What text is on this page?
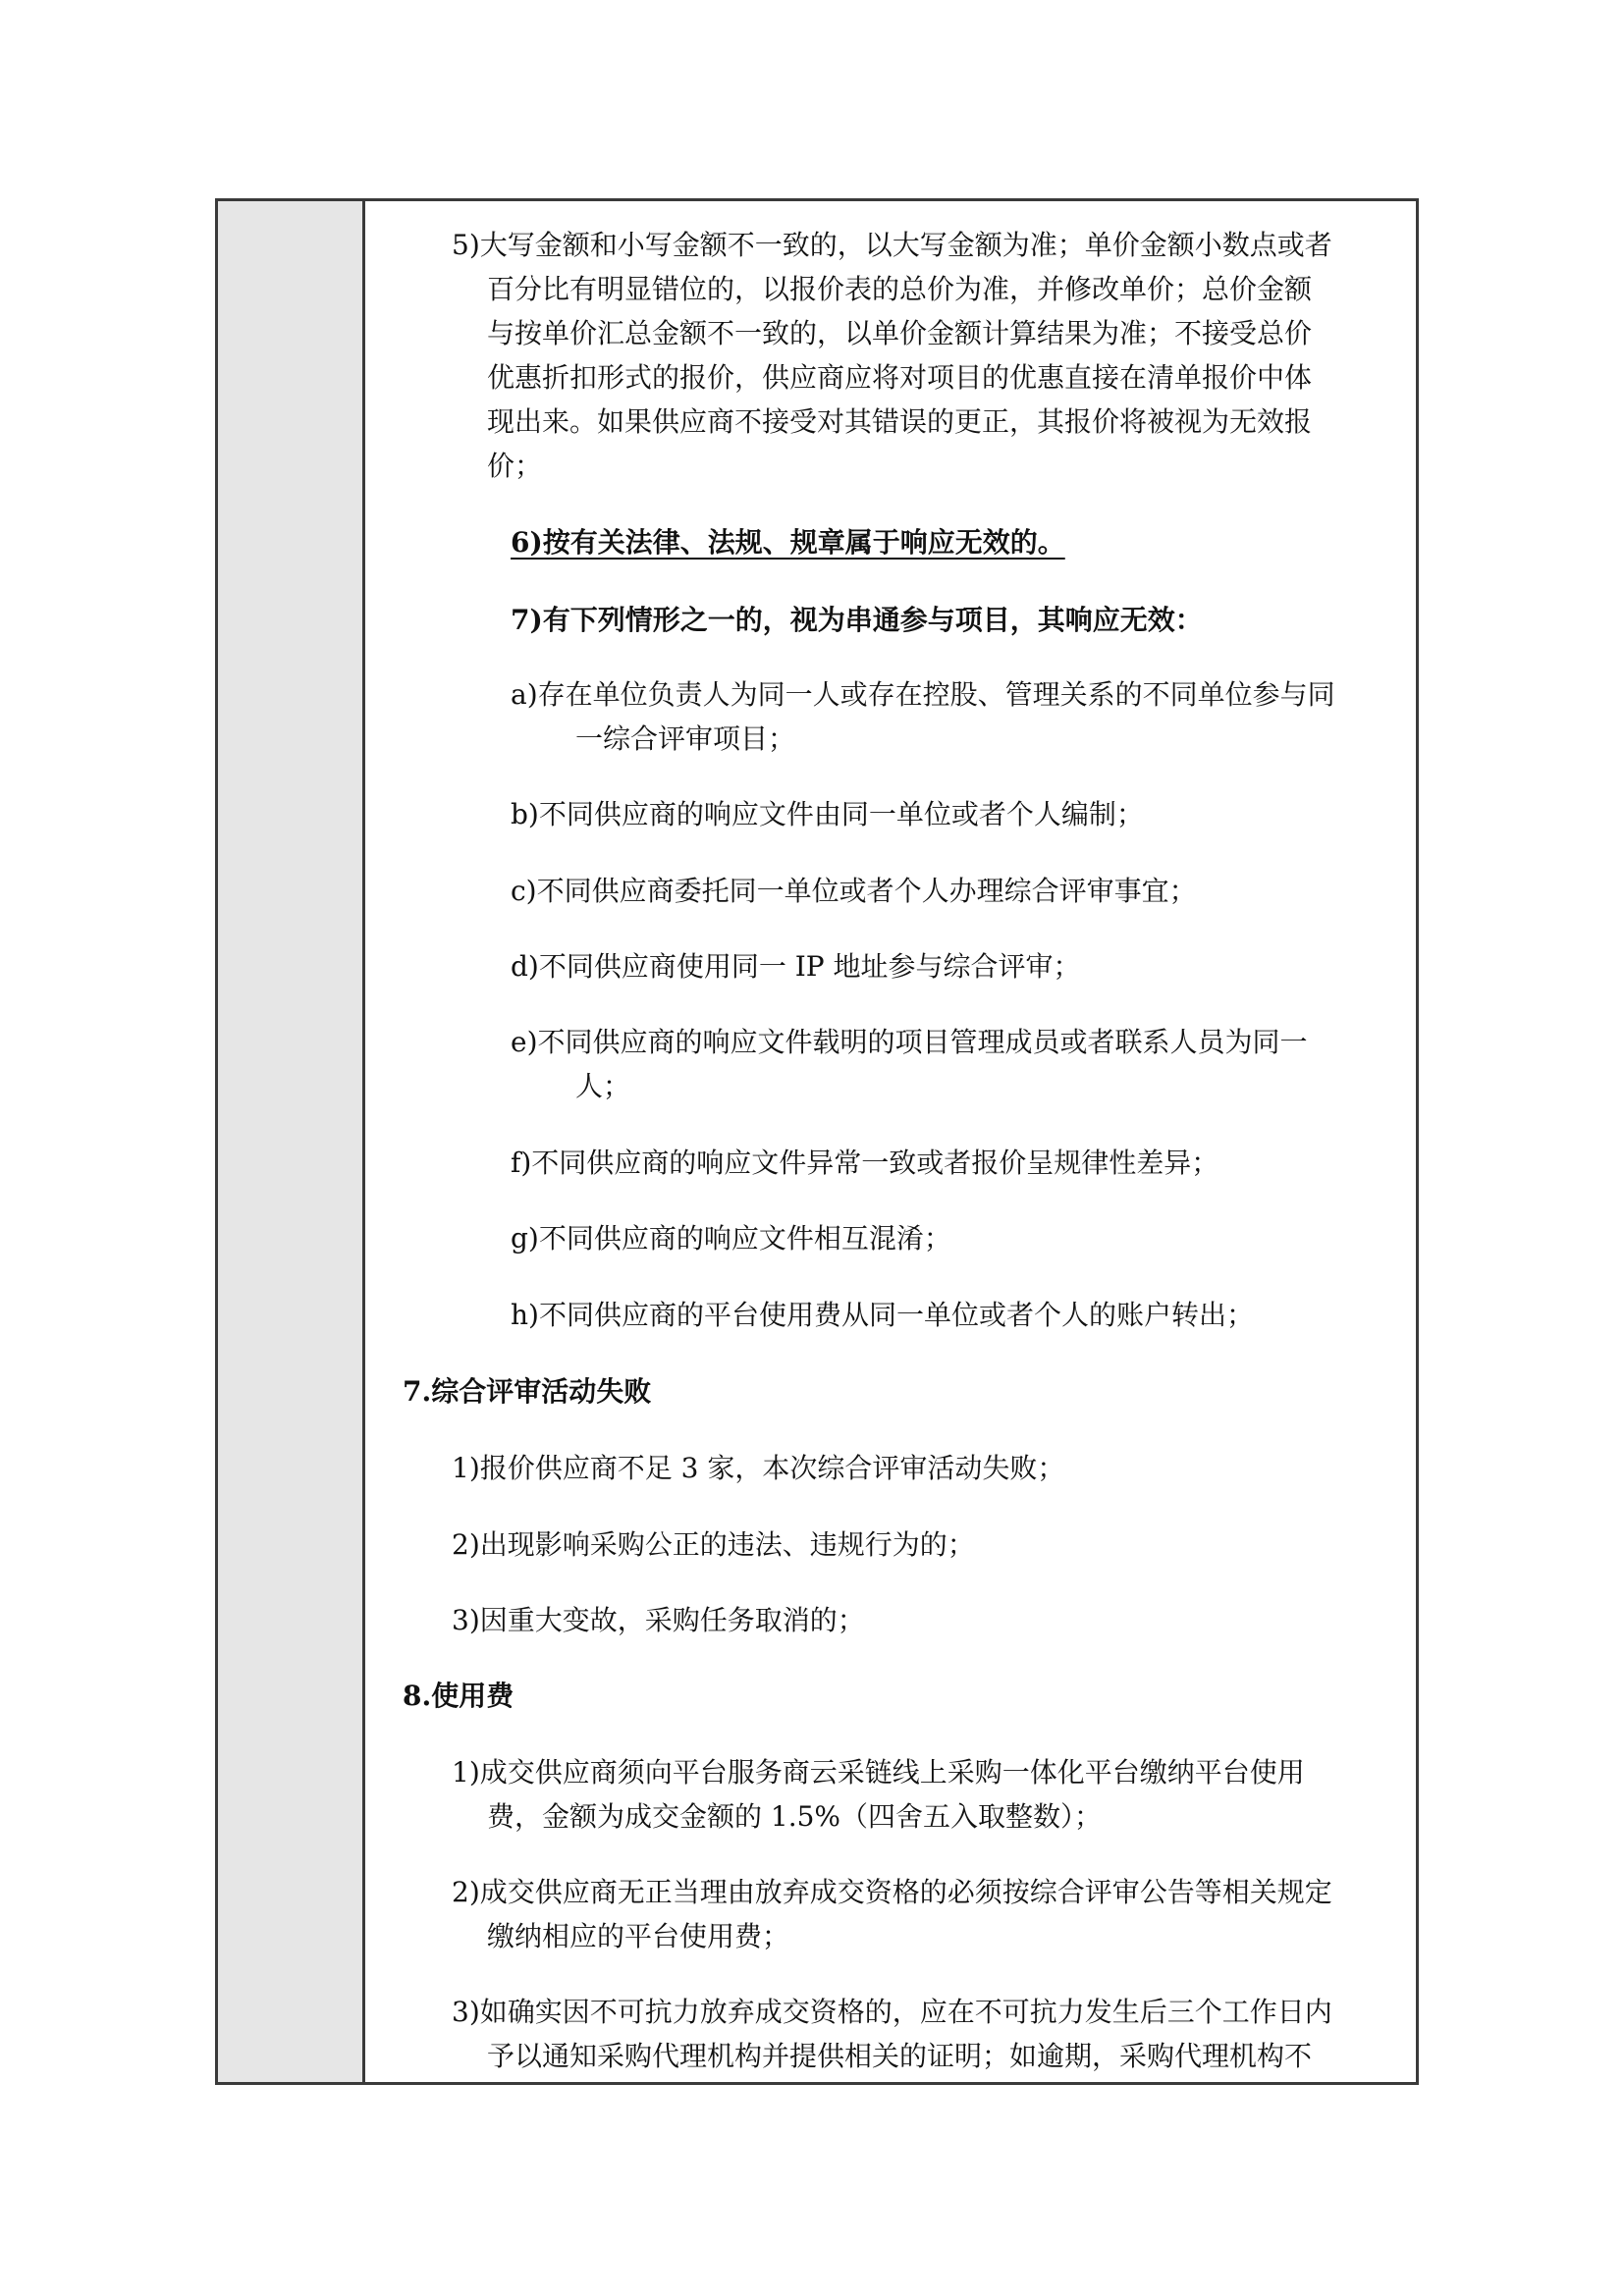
5)大写金额和小写金额不一致的，以大写金额为准；单价金额小数点或者
百分比有明显错位的，以报价表的总价为准，并修改单价；总价金额
与按单价汇总金额不一致的，以单价金额计算结果为准；不接受总价
优惠折扣形式的报价，供应商应将对项目的优惠直接在清单报价中体
现出来。如果供应商不接受对其错误的更正，其报价将被视为无效报
价；
6)按有关法律、法规、规章属于响应无效的。
7)有下列情形之一的，视为串通参与项目，其响应无效：
a)存在单位负责人为同一人或存在控股、管理关系的不同单位参与同
一综合评审项目；
b)不同供应商的响应文件由同一单位或者个人编制；
c)不同供应商委托同一单位或者个人办理综合评审事宜；
d)不同供应商使用同一 IP 地址参与综合评审；
e)不同供应商的响应文件载明的项目管理成员或者联系人员为同一
人；
f)不同供应商的响应文件异常一致或者报价呈规律性差异；
g)不同供应商的响应文件相互混淆；
h)不同供应商的平台使用费从同一单位或者个人的账户转出；
7.综合评审活动失败
1)报价供应商不足 3 家，本次综合评审活动失败；
2)出现影响采购公正的违法、违规行为的；
3)因重大变故，采购任务取消的；
8.使用费
1)成交供应商须向平台服务商云采链线上采购一体化平台缴纳平台使用
费，金额为成交金额的 1.5%（四舍五入取整数）；
2)成交供应商无正当理由放弃成交资格的必须按综合评审公告等相关规定
缴纳相应的平台使用费；
3)如确实因不可抗力放弃成交资格的，应在不可抗力发生后三个工作日内
予以通知采购代理机构并提供相关的证明；如逾期，采购代理机构不
